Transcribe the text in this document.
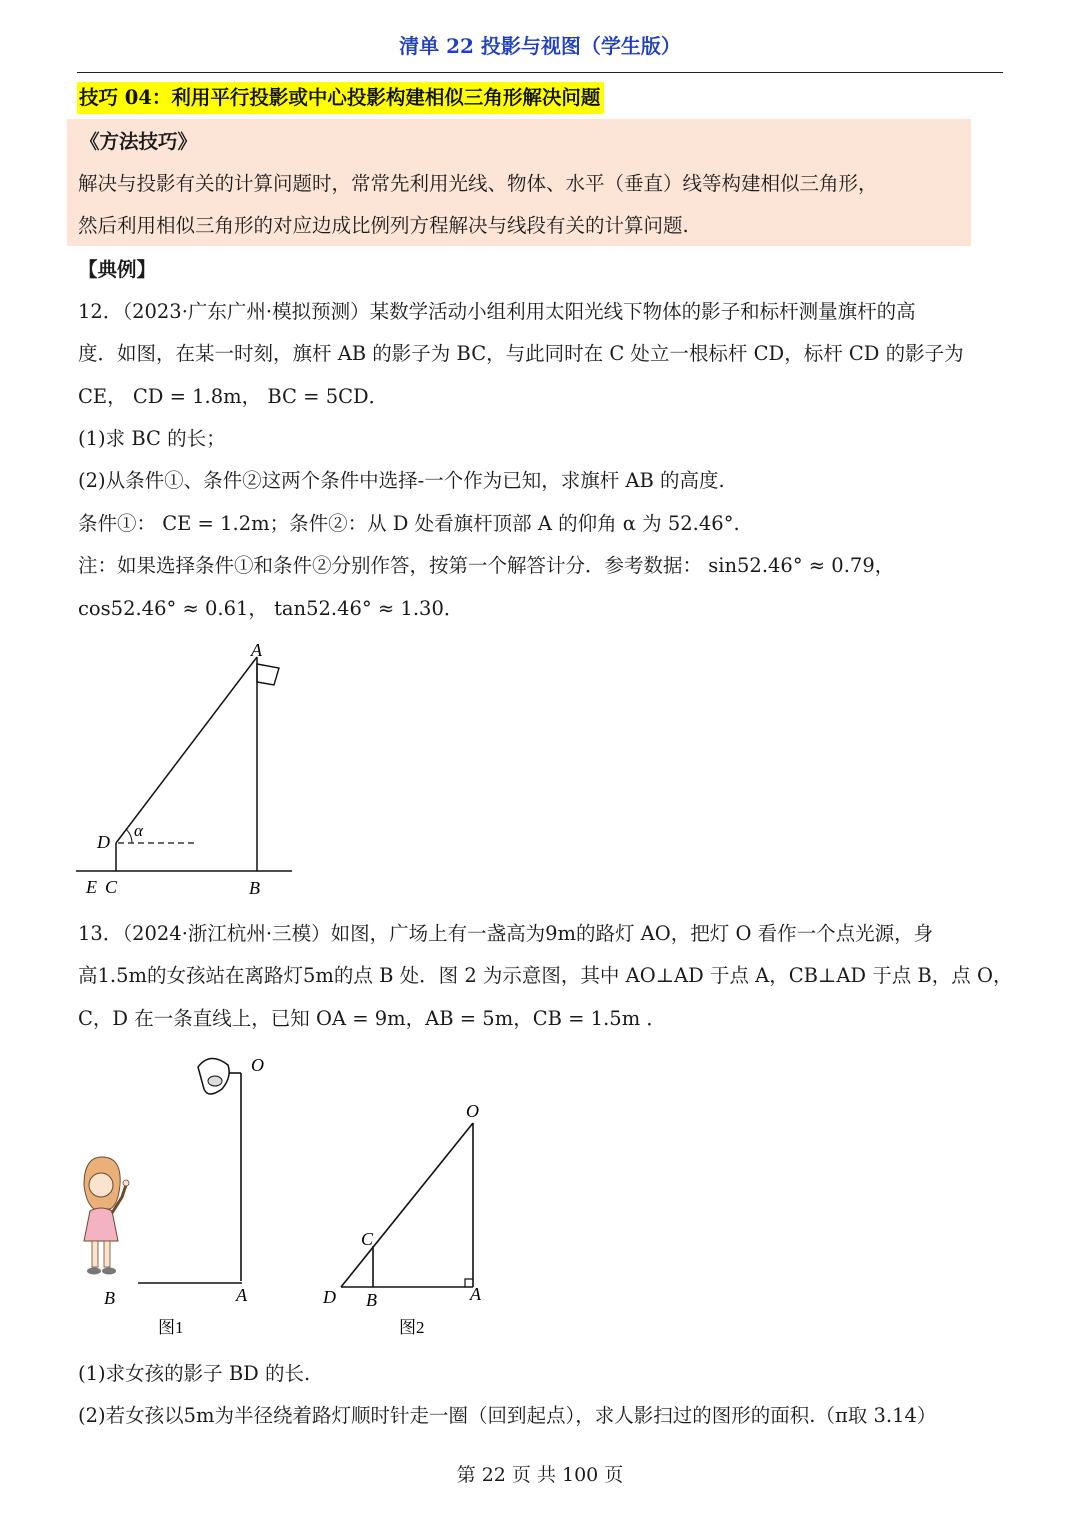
清单 22 投影与视图（学生版）
技巧 04：利用平行投影或中心投影构建相似三角形解决问题
《方法技巧》
解决与投影有关的计算问题时，常常先利用光线、物体、水平（垂直）线等构建相似三角形，
然后利用相似三角形的对应边成比例列方程解决与线段有关的计算问题.
【典例】
12．（2023·广东广州·模拟预测）某数学活动小组利用太阳光线下物体的影子和标杆测量旗杆的高
度．如图，在某一时刻，旗杆 AB 的影子为 BC，与此同时在 C 处立一根标杆 CD，标杆 CD 的影子为
CE， CD = 1.8m， BC = 5CD．
(1)求 BC 的长；
(2)从条件①、条件②这两个条件中选择-一个作为已知，求旗杆 AB 的高度.
条件①： CE = 1.2m；条件②：从 D 处看旗杆顶部 A 的仰角 α 为 52.46°.
注：如果选择条件①和条件②分别作答，按第一个解答计分．参考数据： sin52.46° ≈ 0.79，
cos52.46° ≈ 0.61， tan52.46° ≈ 1.30．
A
α
D
E C	B
13．（2024·浙江杭州·三模）如图，广场上有一盏高为9m的路灯 AO，把灯 O 看作一个点光源，身
高1.5m的女孩站在离路灯5m的点 B 处．图 2 为示意图，其中 AO⊥AD 于点 A，CB⊥AD 于点 B，点 O，
C，D 在一条直线上，已知 OA = 9m，AB = 5m，CB = 1.5m ．
O
A
B
图1
O
C
D B	A
图2
(1)求女孩的影子 BD 的长.
(2)若女孩以5m为半径绕着路灯顺时针走一圈（回到起点），求人影扫过的图形的面积.（π取 3.14）
第 22 页 共 100 页
